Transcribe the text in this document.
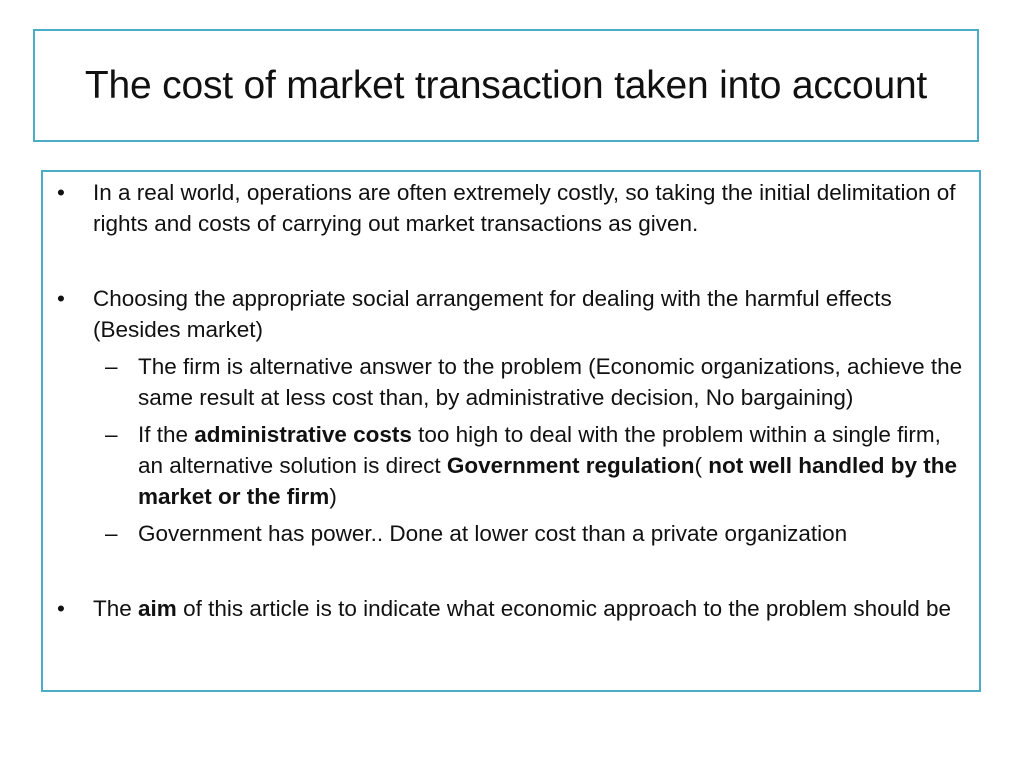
The cost of market transaction taken into account
•	In a real world, operations are often extremely costly, so taking the initial delimitation of rights and costs of carrying out market transactions as given.
•	Choosing the appropriate social arrangement for dealing with the harmful effects (Besides market)
– The firm is alternative answer to the problem (Economic organizations, achieve the same result at less cost than, by administrative decision, No bargaining)
– If the administrative costs too high to deal with the problem within a single firm, an alternative solution is direct Government regulation( not well handled by the market or the firm)
– Government has power.. Done at lower cost than a private organization
•	The aim of this article is to indicate what economic approach to the problem should be
